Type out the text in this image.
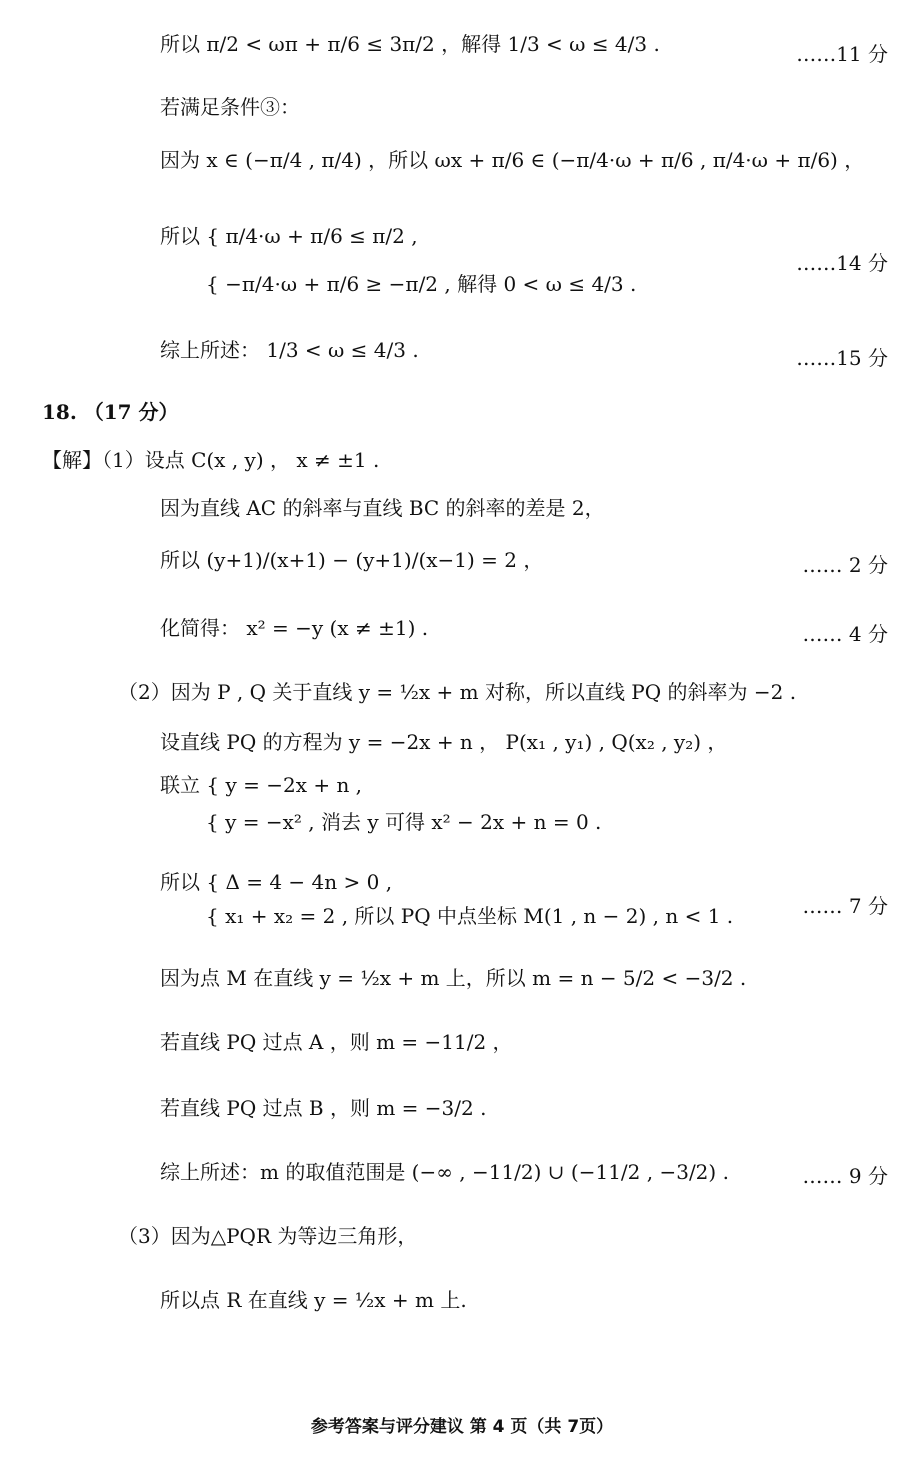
所以 π/2 < ωπ + π/6 ≤ 3π/2 ，解得 1/3 < ω ≤ 4/3 .	……11 分
若满足条件③：
因为 x ∈ (−π/4 , π/4) ，所以 ωx + π/6 ∈ (−π/4·ω + π/6 , π/4·ω + π/6) ，
所以 { π/4·ω + π/6 ≤ π/2 ,
{ −π/4·ω + π/6 ≥ −π/2 , 解得 0 < ω ≤ 4/3 .
……14 分
综上所述： 1/3 < ω ≤ 4/3 .	……15 分
18. （17 分）
【解】（1）设点 C(x , y) ， x ≠ ±1 .
因为直线 AC 的斜率与直线 BC 的斜率的差是 2，
所以 (y+1)/(x+1) − (y+1)/(x−1) = 2 ，	…… 2 分
化简得： x² = −y (x ≠ ±1) .	…… 4 分
（2）因为 P , Q 关于直线 y = ½x + m 对称，所以直线 PQ 的斜率为 −2 .
设直线 PQ 的方程为 y = −2x + n ， P(x₁ , y₁) , Q(x₂ , y₂) ，
联立 { y = −2x + n ,
{ y = −x² , 消去 y 可得 x² − 2x + n = 0 .
所以 { Δ = 4 − 4n > 0 ,
{ x₁ + x₂ = 2 , 所以 PQ 中点坐标 M(1 , n − 2) , n < 1 .	…… 7 分
因为点 M 在直线 y = ½x + m 上，所以 m = n − 5/2 < −3/2 .
若直线 PQ 过点 A ，则 m = −11/2 ，
若直线 PQ 过点 B ，则 m = −3/2 .
综上所述：m 的取值范围是 (−∞ , −11/2) ∪ (−11/2 , −3/2) .	…… 9 分
（3）因为△PQR 为等边三角形，
所以点 R 在直线 y = ½x + m 上.
参考答案与评分建议 第 4 页（共 7页）
